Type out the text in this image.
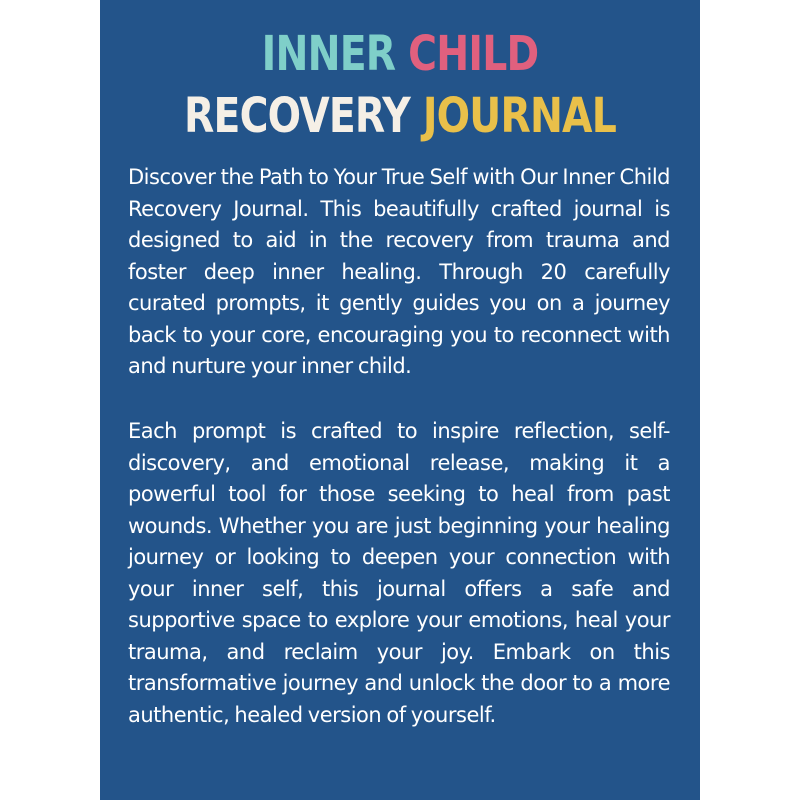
INNER CHILD
RECOVERY JOURNAL

Discover the Path to Your True Self with Our Inner Child Recovery Journal. This beautifully crafted journal is designed to aid in the recovery from trauma and foster deep inner healing. Through 20 carefully curated prompts, it gently guides you on a journey back to your core, encouraging you to reconnect with and nurture your inner child.

Each prompt is crafted to inspire reflection, self-discovery, and emotional release, making it a powerful tool for those seeking to heal from past wounds. Whether you are just beginning your healing journey or looking to deepen your connection with your inner self, this journal offers a safe and supportive space to explore your emotions, heal your trauma, and reclaim your joy. Embark on this transformative journey and unlock the door to a more authentic, healed version of yourself.
